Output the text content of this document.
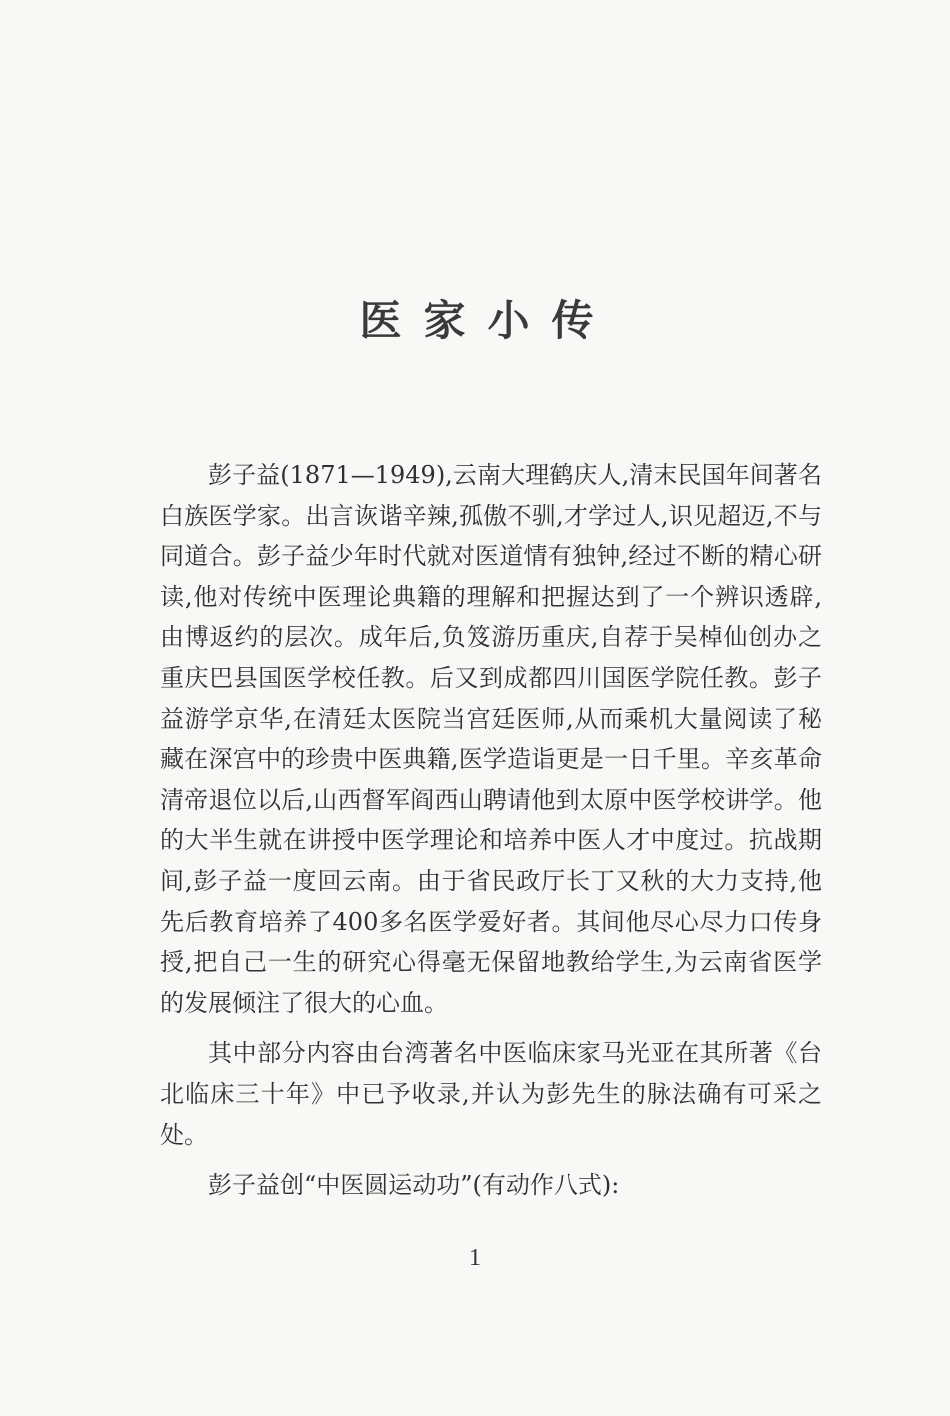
医家小传

彭子益(1871—1949),云南大理鹤庆人,清末民国年间著名白族医学家。出言诙谐辛辣,孤傲不驯,才学过人,识见超迈,不与同道合。彭子益少年时代就对医道情有独钟,经过不断的精心研读,他对传统中医理论典籍的理解和把握达到了一个辨识透辟,由博返约的层次。成年后,负笈游历重庆,自荐于吴棹仙创办之重庆巴县国医学校任教。后又到成都四川国医学院任教。彭子益游学京华,在清廷太医院当宫廷医师,从而乘机大量阅读了秘藏在深宫中的珍贵中医典籍,医学造诣更是一日千里。辛亥革命清帝退位以后,山西督军阎西山聘请他到太原中医学校讲学。他的大半生就在讲授中医学理论和培养中医人才中度过。抗战期间,彭子益一度回云南。由于省民政厅长丁又秋的大力支持,他先后教育培养了400多名医学爱好者。其间他尽心尽力口传身授,把自己一生的研究心得毫无保留地教给学生,为云南省医学的发展倾注了很大的心血。

其中部分内容由台湾著名中医临床家马光亚在其所著《台北临床三十年》中已予收录,并认为彭先生的脉法确有可采之处。

彭子益创“中医圆运动功”(有动作八式):

1
